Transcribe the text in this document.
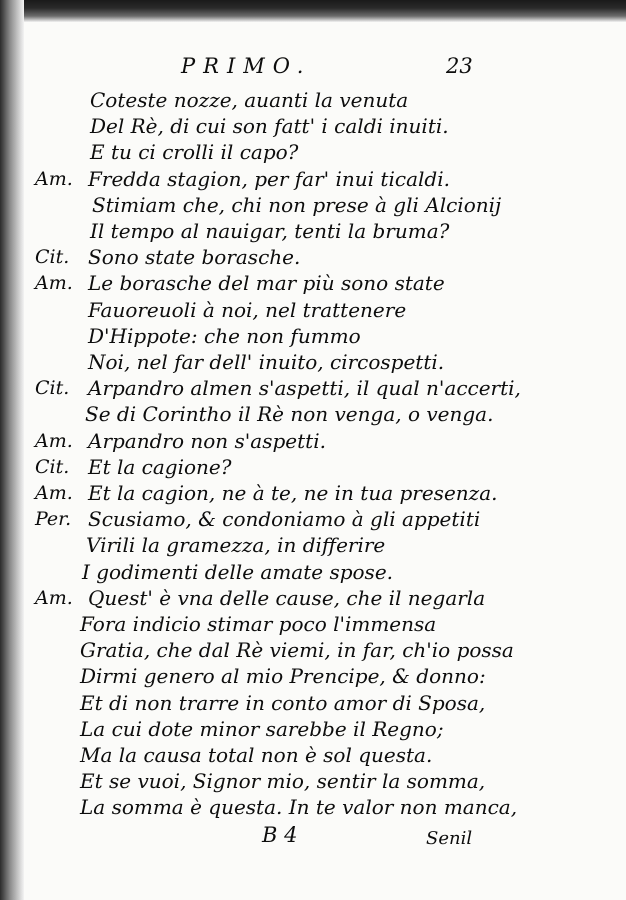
PRIMO.	23
Coteste nozze, auanti la venuta
Del Rè, di cui son fatt' i caldi inuiti.
E tu ci crolli il capo?
Am. Fredda stagion, per far' inui ticaldi.
Stimiam che, chi non prese à gli Alcionij
Il tempo al nauigar, tenti la bruma?
Cit. Sono state borasche.
Am. Le borasche del mar più sono state
Fauoreuoli à noi, nel trattenere
D'Hippote: che non fummo
Noi, nel far dell' inuito, circospetti.
Cit. Arpandro almen s'aspetti, il qual n'accerti,
Se di Corintho il Rè non venga, o venga.
Am. Arpandro non s'aspetti.
Cit. Et la cagione?
Am. Et la cagion, ne à te, ne in tua presenza.
Per. Scusiamo, & condoniamo à gli appetiti
Virili la gramezza, in differire
I godimenti delle amate spose.
Am. Quest' è vna delle cause, che il negarla
Fora indicio stimar poco l'immensa
Gratia, che dal Rè viemi, in far, ch'io possa
Dirmi genero al mio Prencipe, & donno:
Et di non trarre in conto amor di Sposa,
La cui dote minor sarebbe il Regno;
Ma la causa total non è sol questa.
Et se vuoi, Signor mio, sentir la somma,
La somma è questa. In te valor non manca,
B 4	Senil
